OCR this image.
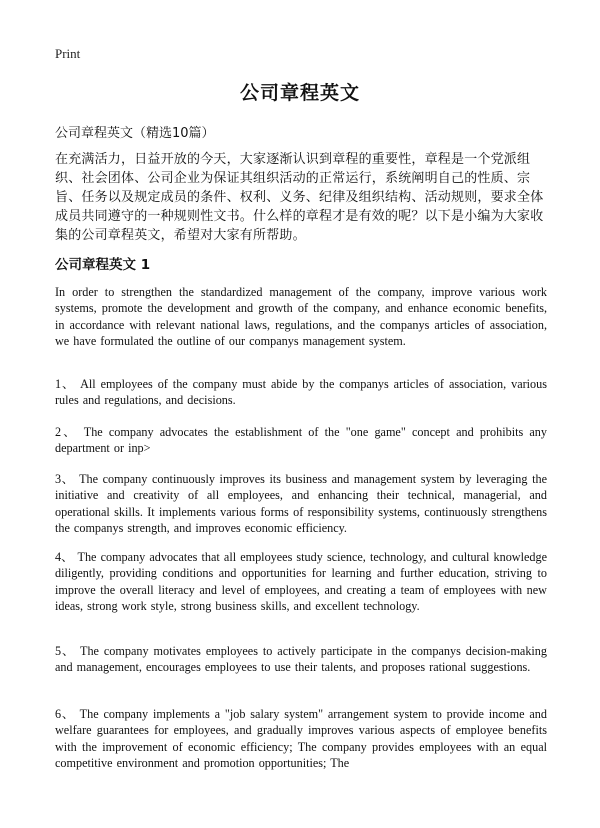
Print
公司章程英文
公司章程英文（精选10篇）
在充满活力，日益开放的今天，大家逐渐认识到章程的重要性，章程是一个党派组织、社会团体、公司企业为保证其组织活动的正常运行，系统阐明自己的性质、宗旨、任务以及规定成员的条件、权利、义务、纪律及组织结构、活动规则，要求全体成员共同遵守的一种规则性文书。什么样的章程才是有效的呢？以下是小编为大家收集的公司章程英文，希望对大家有所帮助。
公司章程英文 1
In order to strengthen the standardized management of the company, improve various work systems, promote the development and growth of the company, and enhance economic benefits, in accordance with relevant national laws, regulations, and the companys articles of association, we have formulated the outline of our companys management system.
1、 All employees of the company must abide by the companys articles of association, various rules and regulations, and decisions.
2、 The company advocates the establishment of the "one game" concept and prohibits any department or inp>
3、 The company continuously improves its business and management system by leveraging the initiative and creativity of all employees, and enhancing their technical, managerial, and operational skills. It implements various forms of responsibility systems, continuously strengthens the companys strength, and improves economic efficiency.
4、 The company advocates that all employees study science, technology, and cultural knowledge diligently, providing conditions and opportunities for learning and further education, striving to improve the overall literacy and level of employees, and creating a team of employees with new ideas, strong work style, strong business skills, and excellent technology.
5、 The company motivates employees to actively participate in the companys decision-making and management, encourages employees to use their talents, and proposes rational suggestions.
6、 The company implements a "job salary system" arrangement system to provide income and welfare guarantees for employees, and gradually improves various aspects of employee benefits with the improvement of economic efficiency; The company provides employees with an equal competitive environment and promotion opportunities; The
